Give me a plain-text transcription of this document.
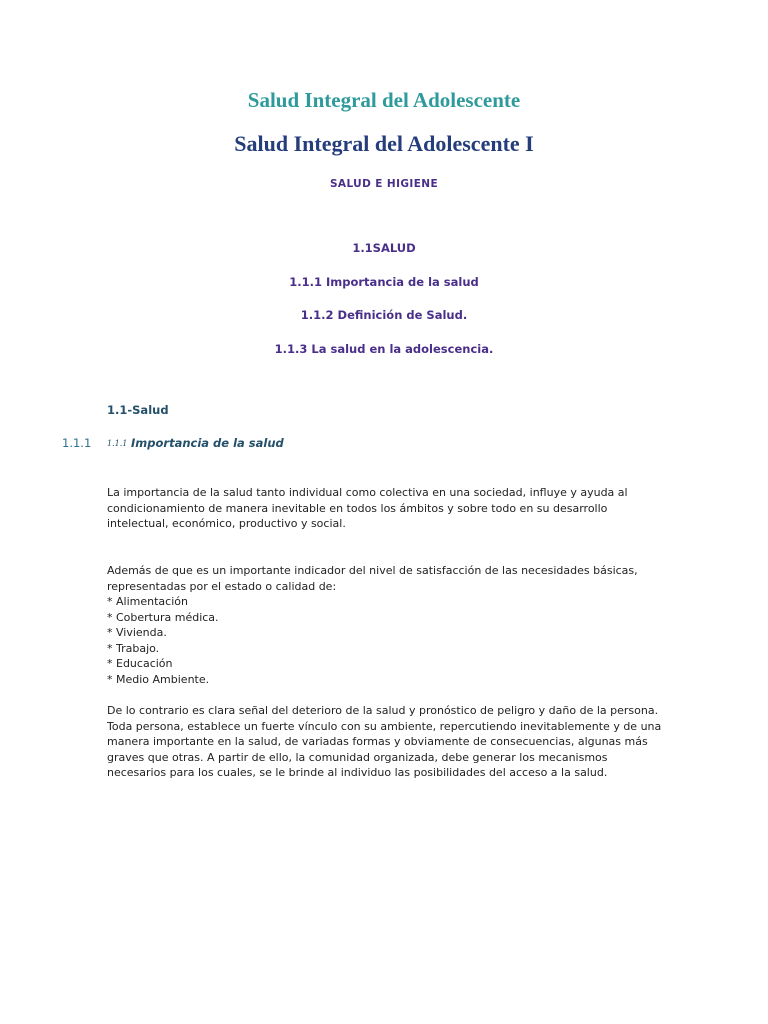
Salud Integral del Adolescente
Salud Integral del Adolescente I
SALUD E HIGIENE
1.1SALUD
1.1.1 Importancia de la salud
1.1.2 Definición de Salud.
1.1.3 La salud en la adolescencia.
1.1-Salud
1.1.1 1.1.1 Importancia de la salud
La importancia de la salud tanto individual como colectiva en una sociedad, influye y ayuda al condicionamiento de manera inevitable en todos los ámbitos y sobre todo en su desarrollo intelectual, económico, productivo y social.
Además de que es un importante indicador del nivel de satisfacción de las necesidades básicas, representadas por el estado o calidad de:
* Alimentación
* Cobertura médica.
* Vivienda.
* Trabajo.
* Educación
* Medio Ambiente.
De lo contrario es clara señal del deterioro de la salud y pronóstico de peligro y daño de la persona. Toda persona, establece un fuerte vínculo con su ambiente, repercutiendo inevitablemente y de una manera importante en la salud, de variadas formas y obviamente de consecuencias, algunas más graves que otras. A partir de ello, la comunidad organizada, debe generar los mecanismos necesarios para los cuales, se le brinde al individuo las posibilidades del acceso a la salud.
